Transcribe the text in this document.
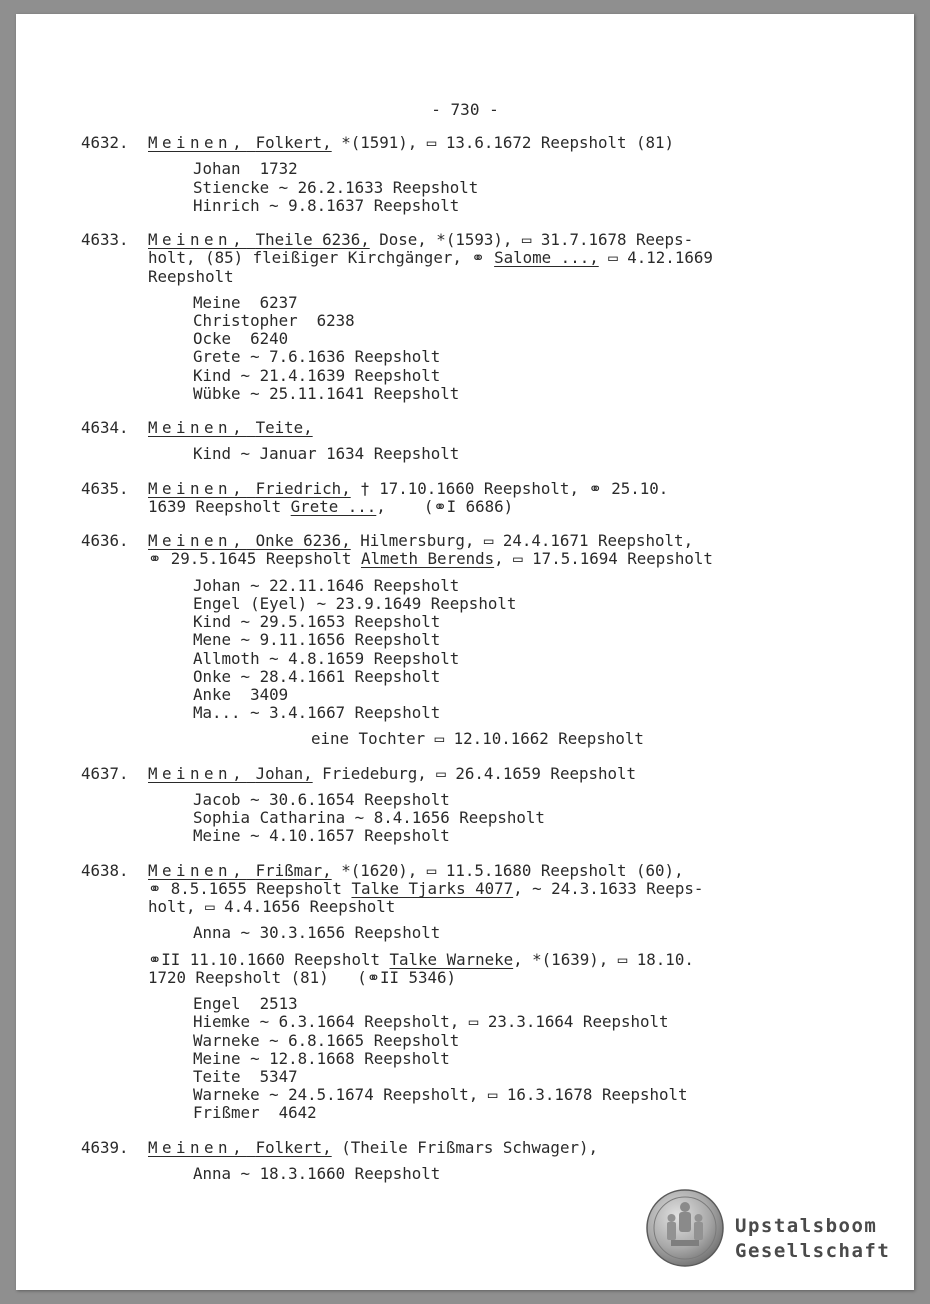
- 730 -
4632. Meinen, Folkert, *(1591), ▭ 13.6.1672 Reepsholt (81)
Johan  1732
Stiencke ~ 26.2.1633 Reepsholt
Hinrich ~ 9.8.1637 Reepsholt
4633. Meinen, Theile 6236, Dose, *(1593), ▭ 31.7.1678 Reeps-
holt, (85) fleißiger Kirchgänger, ⚭ Salome ..., ▭ 4.12.1669
Reepsholt
Meine  6237
Christopher  6238
Ocke  6240
Grete ~ 7.6.1636 Reepsholt
Kind ~ 21.4.1639 Reepsholt
Wübke ~ 25.11.1641 Reepsholt
4634. Meinen, Teite,
Kind ~ Januar 1634 Reepsholt
4635. Meinen, Friedrich, † 17.10.1660 Reepsholt, ⚭ 25.10.
1639 Reepsholt Grete ...,    (⚭I 6686)
4636. Meinen, Onke 6236, Hilmersburg, ▭ 24.4.1671 Reepsholt,
⚭ 29.5.1645 Reepsholt Almeth Berends, ▭ 17.5.1694 Reepsholt
Johan ~ 22.11.1646 Reepsholt
Engel (Eyel) ~ 23.9.1649 Reepsholt
Kind ~ 29.5.1653 Reepsholt
Mene ~ 9.11.1656 Reepsholt
Allmoth ~ 4.8.1659 Reepsholt
Onke ~ 28.4.1661 Reepsholt
Anke  3409
Ma... ~ 3.4.1667 Reepsholt
eine Tochter ▭ 12.10.1662 Reepsholt
4637. Meinen, Johan, Friedeburg, ▭ 26.4.1659 Reepsholt
Jacob ~ 30.6.1654 Reepsholt
Sophia Catharina ~ 8.4.1656 Reepsholt
Meine ~ 4.10.1657 Reepsholt
4638. Meinen, Frißmar, *(1620), ▭ 11.5.1680 Reepsholt (60),
⚭ 8.5.1655 Reepsholt Talke Tjarks 4077, ~ 24.3.1633 Reeps-
holt, ▭ 4.4.1656 Reepsholt
Anna ~ 30.3.1656 Reepsholt
⚭II 11.10.1660 Reepsholt Talke Warneke, *(1639), ▭ 18.10.
1720 Reepsholt (81)   (⚭II 5346)
Engel  2513
Hiemke ~ 6.3.1664 Reepsholt, ▭ 23.3.1664 Reepsholt
Warneke ~ 6.8.1665 Reepsholt
Meine ~ 12.8.1668 Reepsholt
Teite  5347
Warneke ~ 24.5.1674 Reepsholt, ▭ 16.3.1678 Reepsholt
Frißmer  4642
4639. Meinen, Folkert, (Theile Frißmars Schwager),
Anna ~ 18.3.1660 Reepsholt
Upstalsboom
Gesellschaft
